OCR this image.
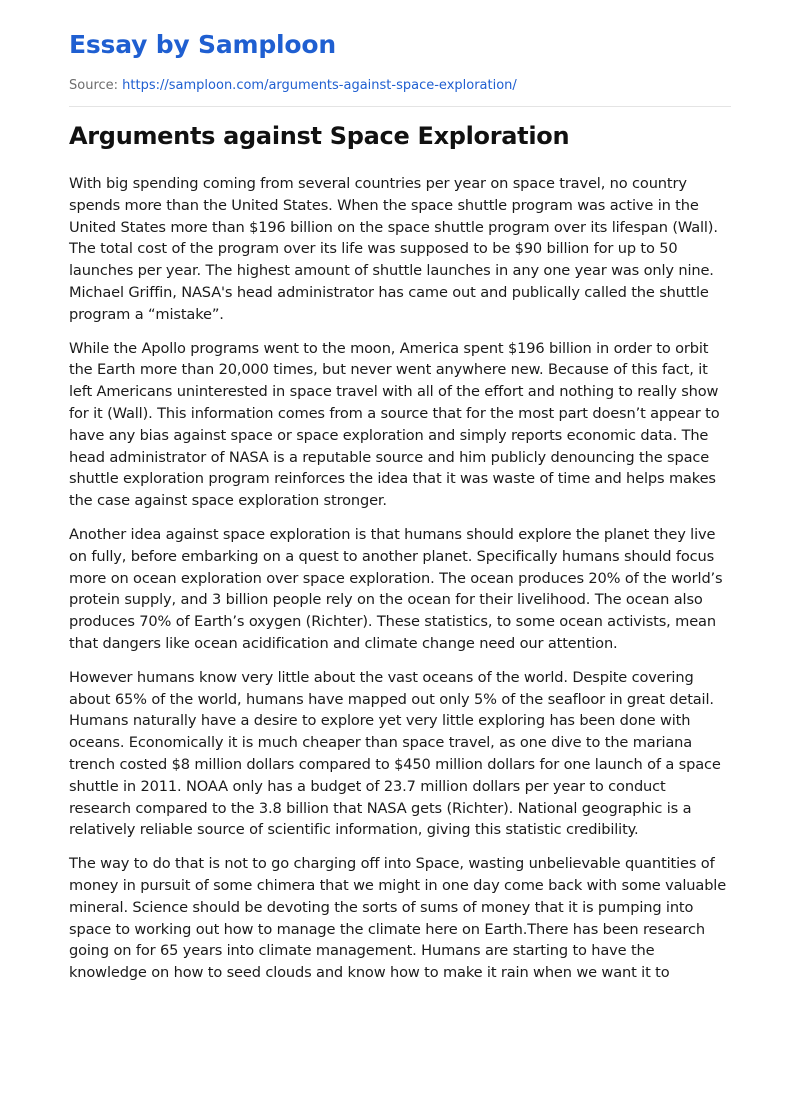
Essay by Samploon
Source: https://samploon.com/arguments-against-space-exploration/
Arguments against Space Exploration

With big spending coming from several countries per year on space travel, no country spends more than the United States. When the space shuttle program was active in the United States more than $196 billion on the space shuttle program over its lifespan (Wall). The total cost of the program over its life was supposed to be $90 billion for up to 50 launches per year. The highest amount of shuttle launches in any one year was only nine. Michael Griffin, NASA's head administrator has came out and publically called the shuttle program a “mistake”.

While the Apollo programs went to the moon, America spent $196 billion in order to orbit the Earth more than 20,000 times, but never went anywhere new. Because of this fact, it left Americans uninterested in space travel with all of the effort and nothing to really show for it (Wall). This information comes from a source that for the most part doesn’t appear to have any bias against space or space exploration and simply reports economic data. The head administrator of NASA is a reputable source and him publicly denouncing the space shuttle exploration program reinforces the idea that it was waste of time and helps makes the case against space exploration stronger.

Another idea against space exploration is that humans should explore the planet they live on fully, before embarking on a quest to another planet. Specifically humans should focus more on ocean exploration over space exploration. The ocean produces 20% of the world’s protein supply, and 3 billion people rely on the ocean for their livelihood. The ocean also produces 70% of Earth’s oxygen (Richter). These statistics, to some ocean activists, mean that dangers like ocean acidification and climate change need our attention.

However humans know very little about the vast oceans of the world. Despite covering about 65% of the world, humans have mapped out only 5% of the seafloor in great detail. Humans naturally have a desire to explore yet very little exploring has been done with oceans. Economically it is much cheaper than space travel, as one dive to the mariana trench costed $8 million dollars compared to $450 million dollars for one launch of a space shuttle in 2011. NOAA only has a budget of 23.7 million dollars per year to conduct research compared to the 3.8 billion that NASA gets (Richter). National geographic is a relatively reliable source of scientific information, giving this statistic credibility.

The way to do that is not to go charging off into Space, wasting unbelievable quantities of money in pursuit of some chimera that we might in one day come back with some valuable mineral. Science should be devoting the sorts of sums of money that it is pumping into space to working out how to manage the climate here on Earth.There has been research going on for 65 years into climate management. Humans are starting to have the knowledge on how to seed clouds and know how to make it rain when we want it to
